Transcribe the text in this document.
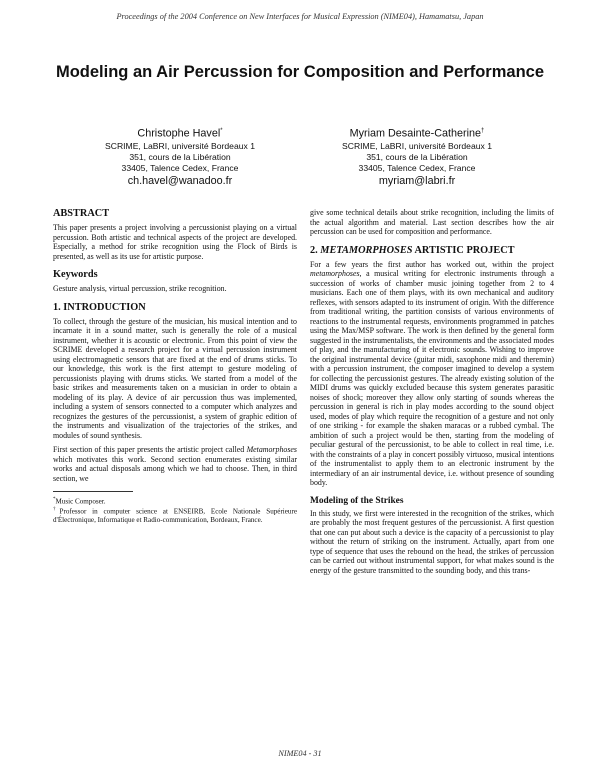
Proceedings of the 2004 Conference on New Interfaces for Musical Expression (NIME04), Hamamatsu, Japan
Modeling an Air Percussion for Composition and Performance
Christophe Havel*
SCRIME, LaBRI, université Bordeaux 1
351, cours de la Libération
33405, Talence Cedex, France
ch.havel@wanadoo.fr
Myriam Desainte-Catherine†
SCRIME, LaBRI, université Bordeaux 1
351, cours de la Libération
33405, Talence Cedex, France
myriam@labri.fr
ABSTRACT

This paper presents a project involving a percussionist playing on a virtual percussion. Both artistic and technical aspects of the project are developed. Especially, a method for strike recognition using the Flock of Birds is presented, as well as its use for artistic purpose.

Keywords

Gesture analysis, virtual percussion, strike recognition.

1. INTRODUCTION

To collect, through the gesture of the musician, his musical intention and to incarnate it in a sound matter, such is generally the role of a musical instrument, whether it is acoustic or electronic. From this point of view the SCRIME developed a research project for a virtual percussion instrument using electromagnetic sensors that are fixed at the end of drums sticks. To our knowledge, this work is the first attempt to gesture modeling of percussionists playing with drums sticks. We started from a model of the basic strikes and measurements taken on a musician in order to obtain a modeling of its play. A device of air percussion thus was implemented, including a system of sensors connected to a computer which analyzes and recognizes the gestures of the percussionist, a system of graphic edition of the instruments and visualization of the trajectories of the strikes, and modules of sound synthesis.

First section of this paper presents the artistic project called Metamorphoses which motivates this work. Second section enumerates existing similar works and actual disposals among which we had to choose. Then, in third section, we

*Music Composer.

†Professor in computer science at ENSEIRB, Ecole Nationale Supérieure d'Électronique, Informatique et Radio-communication, Bordeaux, France.

give some technical details about strike recognition, including the limits of the actual algorithm and material. Last section describes how the air percussion can be used for composition and performance.

2. METAMORPHOSES ARTISTIC PROJECT

For a few years the first author has worked out, within the project metamorphoses, a musical writing for electronic instruments through a succession of works of chamber music joining together from 2 to 4 musicians. Each one of them plays, with its own mechanical and auditory reflexes, with sensors adapted to its instrument of origin. With the difference from traditional writing, the partition consists of various environments of reactions to the instrumental requests, environments programmed in patches using the Max/MSP software. The work is then defined by the general form suggested in the instrumentalists, the environments and the associated modes of play, and the manufacturing of it electronic sounds. Wishing to improve the original instrumental device (guitar midi, saxophone midi and theremin) with a percussion instrument, the composer imagined to develop a system for collecting the percussionist gestures. The already existing solution of the MIDI drums was quickly excluded because this system generates parasitic noises of shock; moreover they allow only starting of sounds whereas the percussion in general is rich in play modes according to the sound object used, modes of play which require the recognition of a gesture and not only of one striking - for example the shaken maracas or a rubbed cymbal. The ambition of such a project would be then, starting from the modeling of peculiar gestural of the percussionist, to be able to collect in real time, i.e. with the constraints of a play in concert possibly virtuoso, musical intentions of the instrumentalist to apply them to an electronic instrument by the intermediary of an air instrumental device, i.e. without presence of sounding body.

Modeling of the Strikes

In this study, we first were interested in the recognition of the strikes, which are probably the most frequent gestures of the percussionist. A first question that one can put about such a device is the capacity of a percussionist to play without the return of striking on the instrument. Actually, apart from one type of sequence that uses the rebound on the head, the strikes of percussion can be carried out without instrumental support, for what makes sound is the energy of the gesture transmitted to the sounding body, and this trans-

NIME04 - 31
